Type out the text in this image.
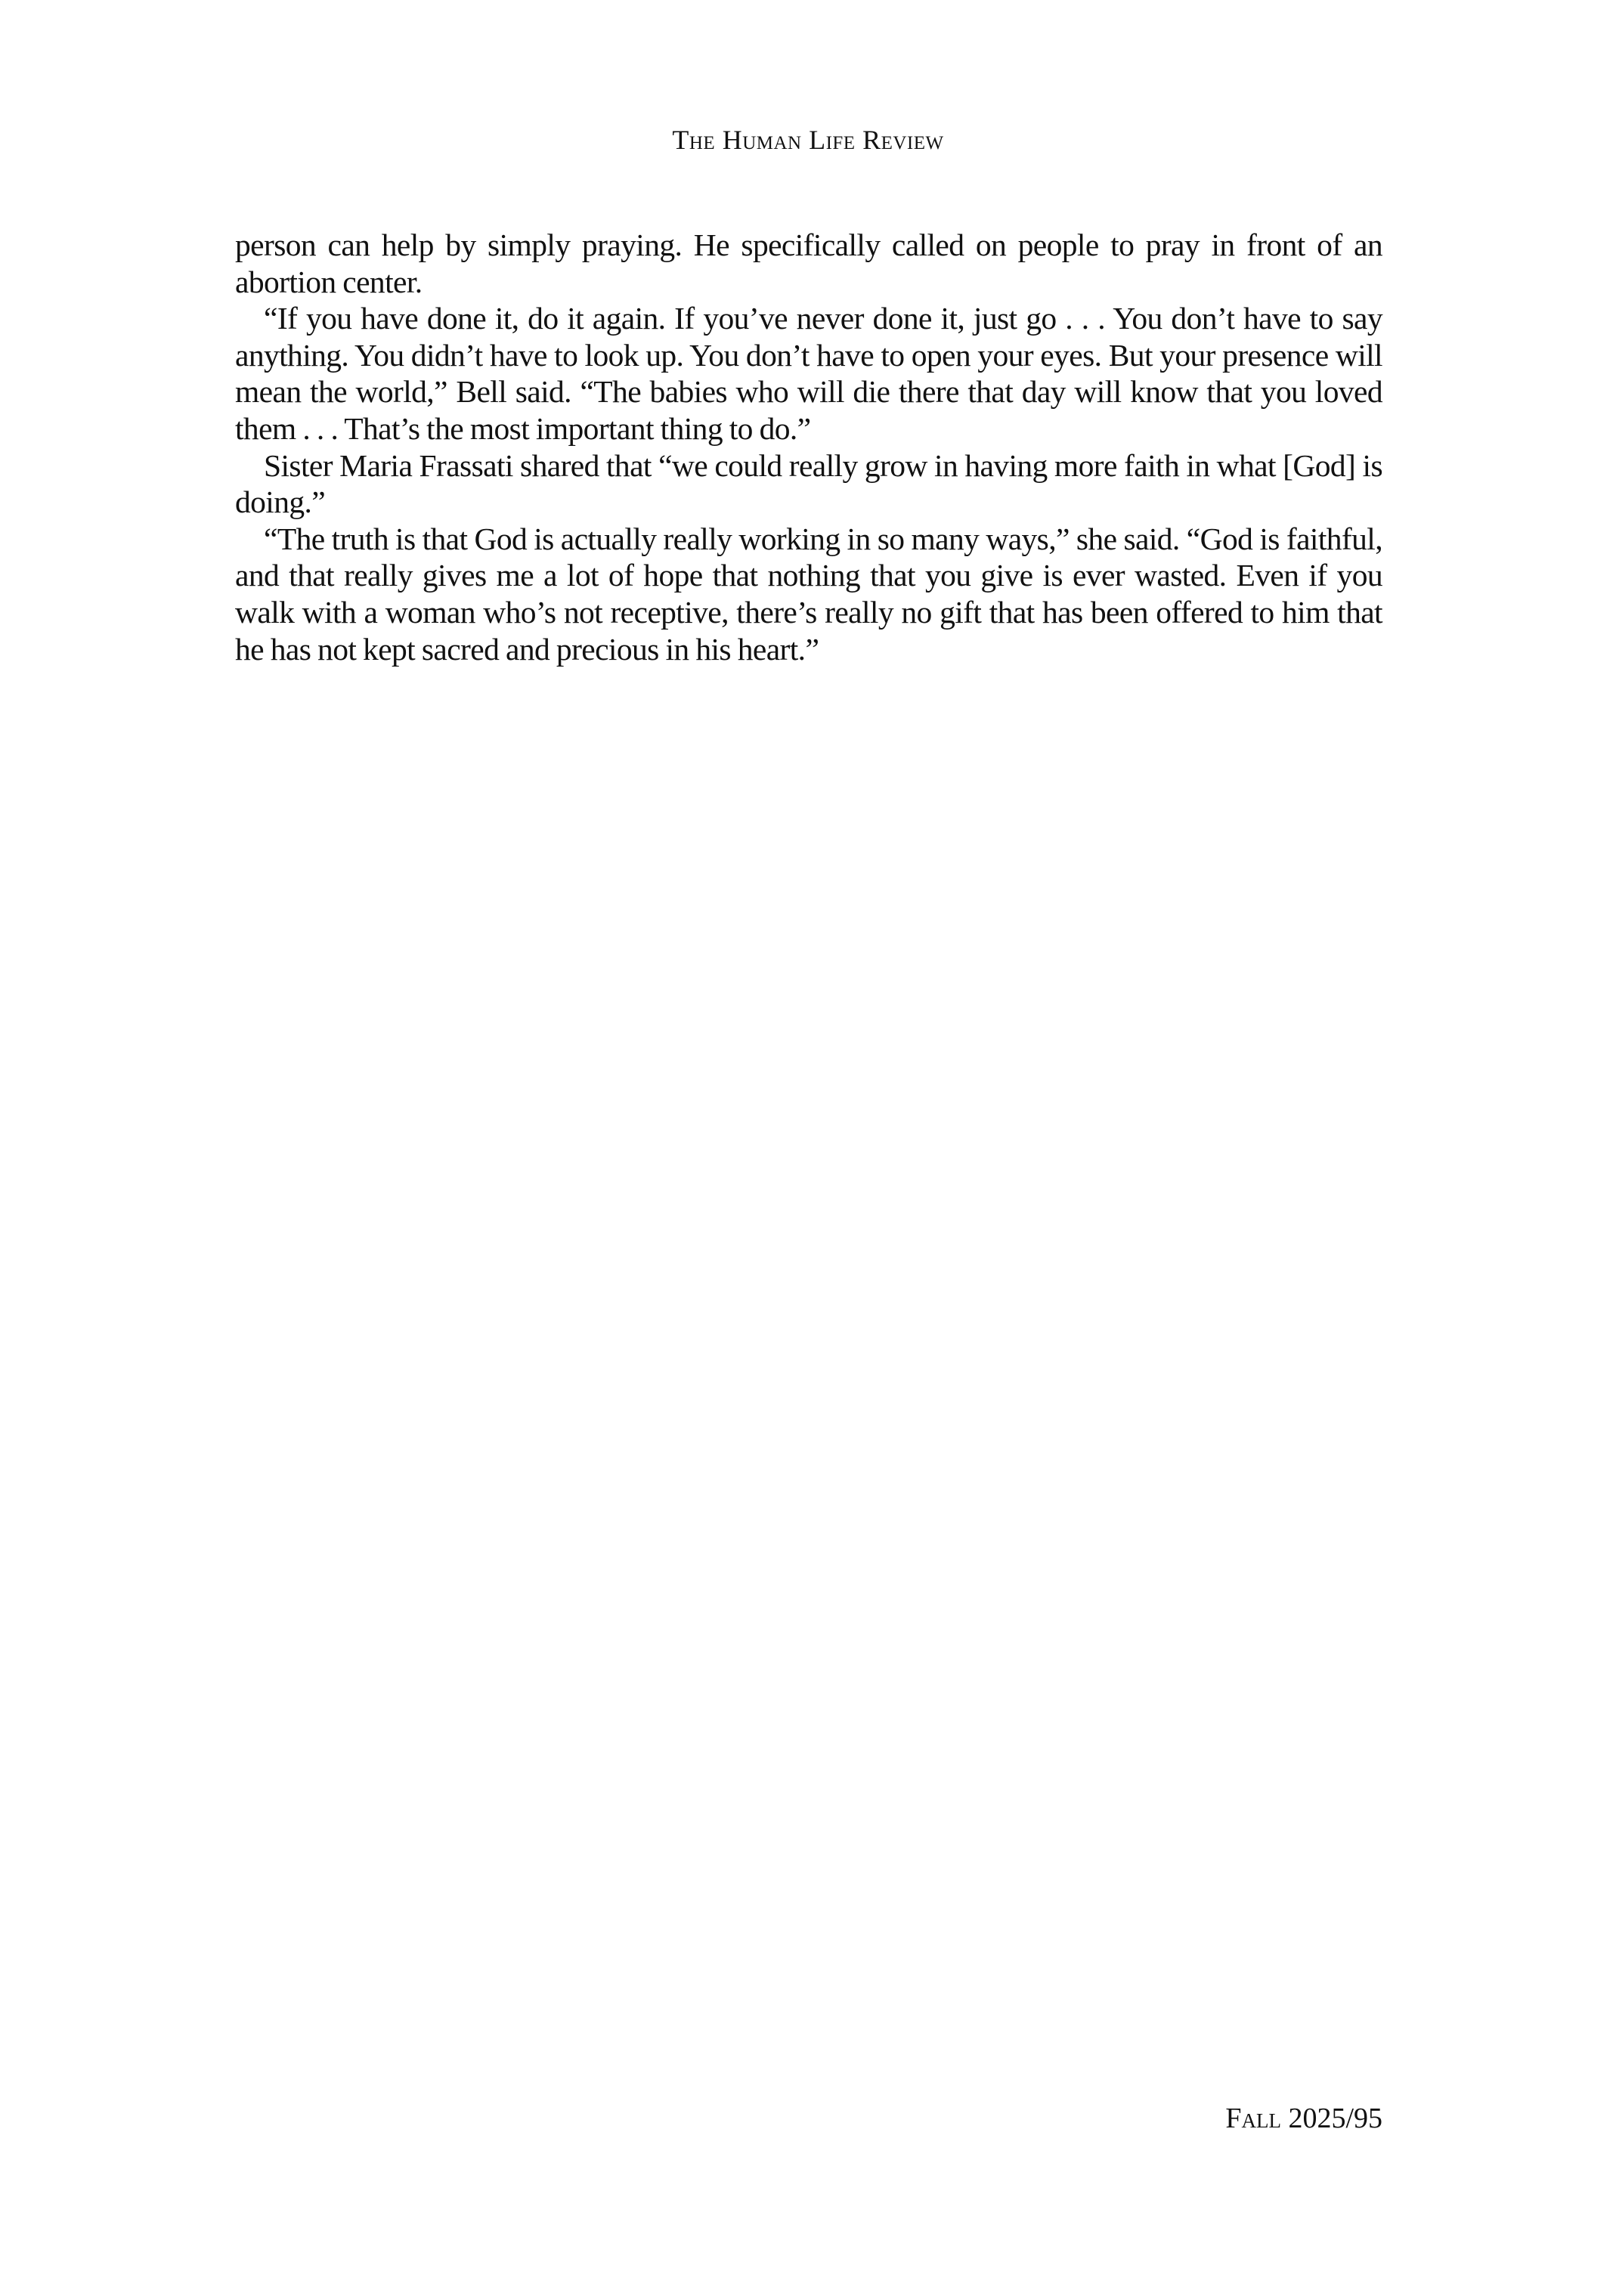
The Human Life Review

person can help by simply praying. He specifically called on people to pray in front of an abortion center.

“If you have done it, do it again. If you’ve never done it, just go . . . You don’t have to say anything. You didn’t have to look up. You don’t have to open your eyes. But your presence will mean the world,” Bell said. “The babies who will die there that day will know that you loved them . . . That’s the most important thing to do.”

Sister Maria Frassati shared that “we could really grow in having more faith in what [God] is doing.”

“The truth is that God is actually really working in so many ways,” she said. “God is faithful, and that really gives me a lot of hope that nothing that you give is ever wasted. Even if you walk with a woman who’s not receptive, there’s really no gift that has been offered to him that he has not kept sacred and precious in his heart.”

Fall 2025/95
